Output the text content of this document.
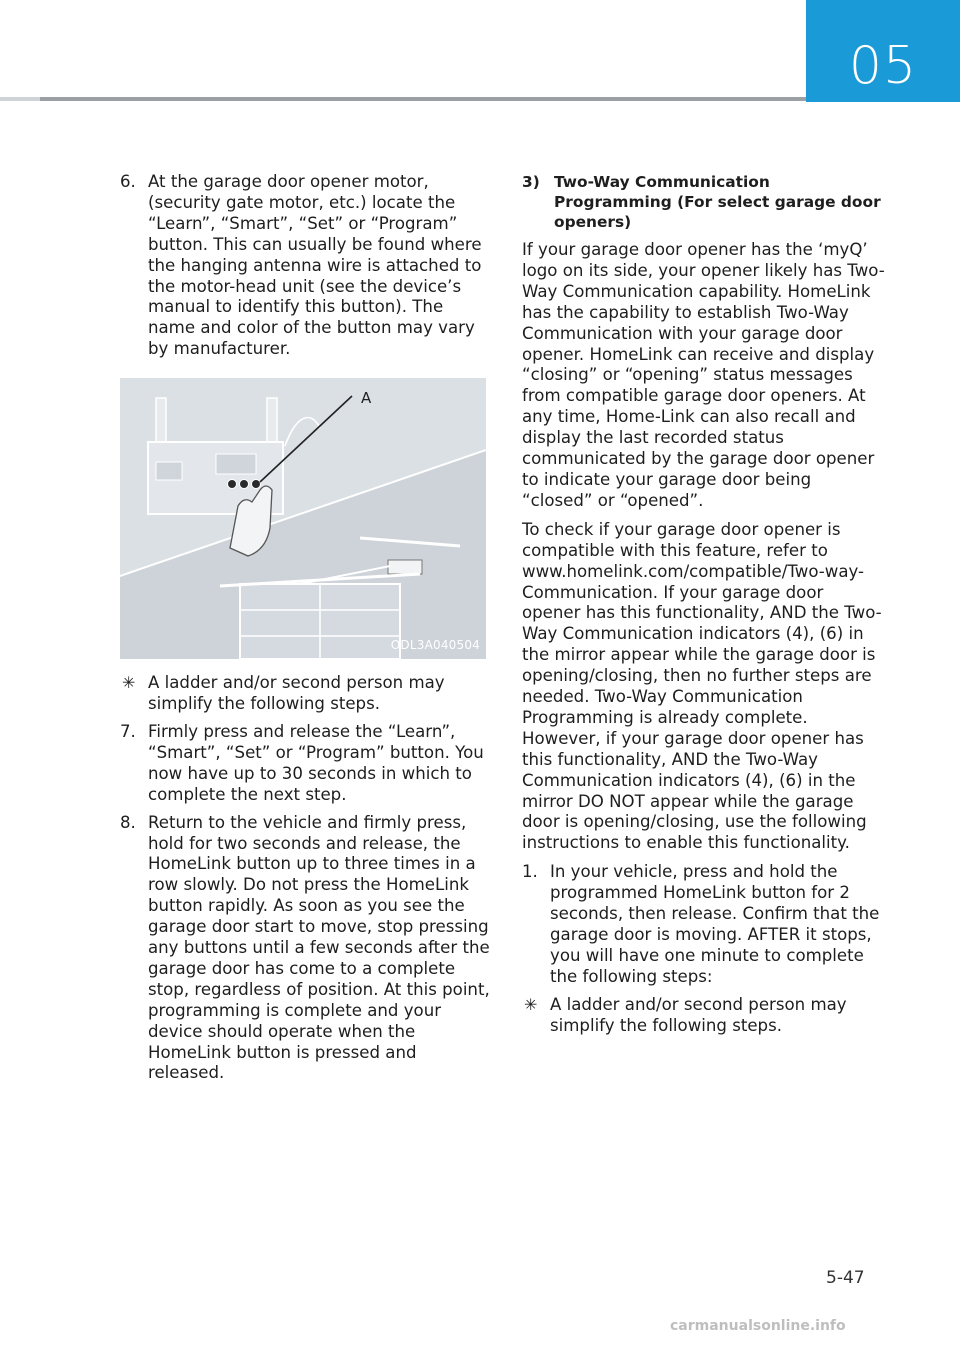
05
6. At the garage door opener motor, (security gate motor, etc.) locate the “Learn”, “Smart”, “Set” or “Program” button. This can usually be found where the hanging antenna wire is attached to the motor-head unit (see the device’s manual to identify this button). The name and color of the button may vary by manufacturer.
A
ODL3A040504
✳ A ladder and/or second person may simplify the following steps.
7. Firmly press and release the “Learn”, “Smart”, “Set” or “Program” button. You now have up to 30 seconds in which to complete the next step.
8. Return to the vehicle and firmly press, hold for two seconds and release, the HomeLink button up to three times in a row slowly. Do not press the HomeLink button rapidly. As soon as you see the garage door start to move, stop pressing any buttons until a few seconds after the garage door has come to a complete stop, regardless of position. At this point, programming is complete and your device should operate when the HomeLink button is pressed and released.
3) Two-Way Communication Programming (For select garage door openers)

If your garage door opener has the ‘myQ’ logo on its side, your opener likely has Two-Way Communication capability. HomeLink has the capability to establish Two-Way Communication with your garage door opener. HomeLink can receive and display “closing” or “opening” status messages from compatible garage door openers. At any time, Home-Link can also recall and display the last recorded status communicated by the garage door opener to indicate your garage door being “closed” or “opened”.

To check if your garage door opener is compatible with this feature, refer to www.homelink.com/compatible/Two-way-Communication. If your garage door opener has this functionality, AND the Two-Way Communication indicators (4), (6) in the mirror appear while the garage door is opening/closing, then no further steps are needed. Two-Way Communication Programming is already complete. However, if your garage door opener has this functionality, AND the Two-Way Communication indicators (4), (6) in the mirror DO NOT appear while the garage door is opening/closing, use the following instructions to enable this functionality.

1. In your vehicle, press and hold the programmed HomeLink button for 2 seconds, then release. Confirm that the garage door is moving. AFTER it stops, you will have one minute to complete the following steps:
✳ A ladder and/or second person may simplify the following steps.
5-47
carmanualsonline.info
